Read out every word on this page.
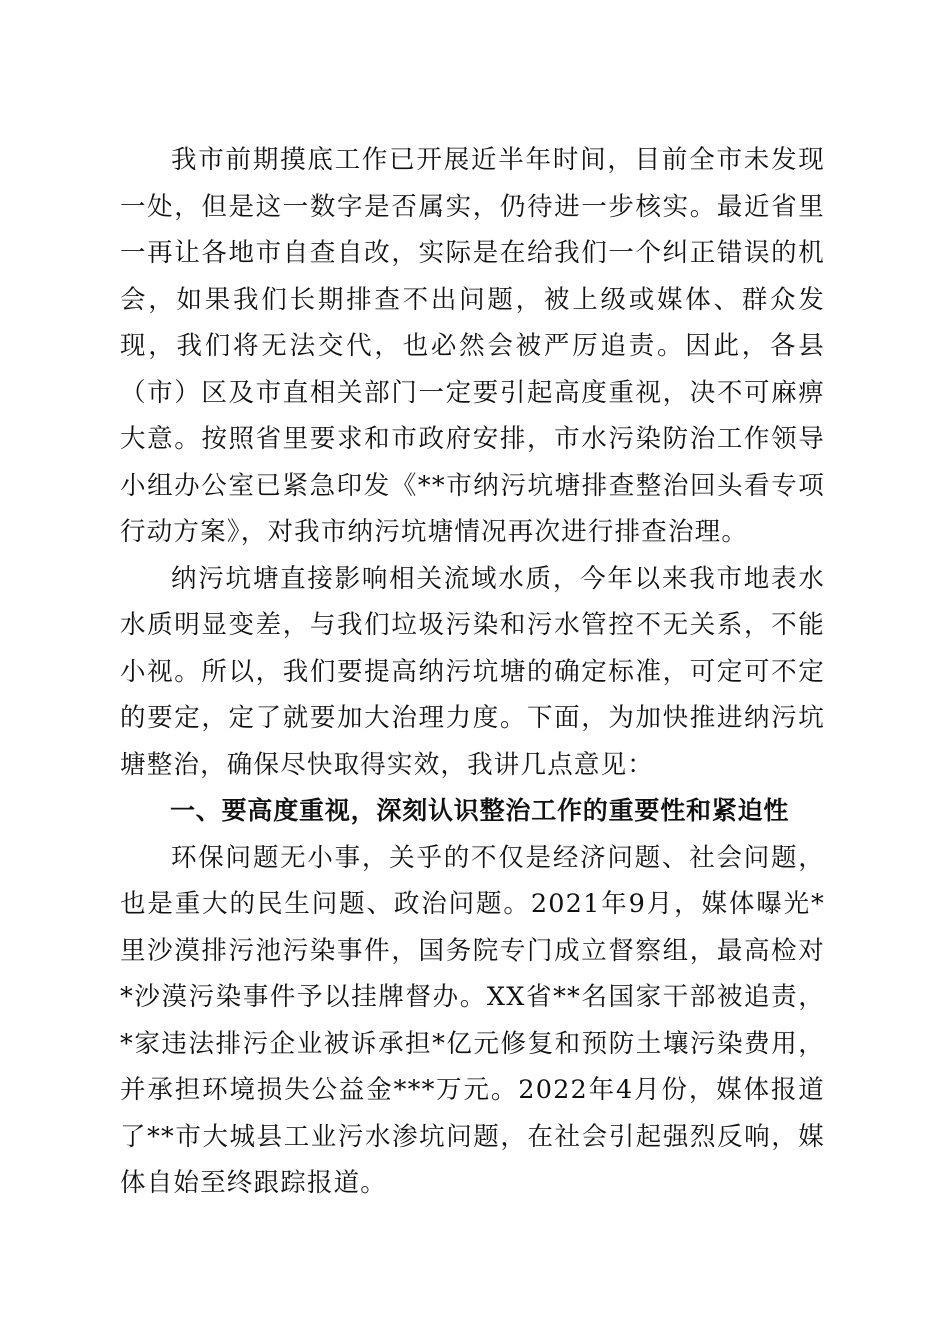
我市前期摸底工作已开展近半年时间，目前全市未发现一处，但是这一数字是否属实，仍待进一步核实。最近省里一再让各地市自查自改，实际是在给我们一个纠正错误的机会，如果我们长期排查不出问题，被上级或媒体、群众发现，我们将无法交代，也必然会被严厉追责。因此，各县（市）区及市直相关部门一定要引起高度重视，决不可麻痹大意。按照省里要求和市政府安排，市水污染防治工作领导小组办公室已紧急印发《**市纳污坑塘排查整治回头看专项行动方案》，对我市纳污坑塘情况再次进行排查治理。

纳污坑塘直接影响相关流域水质，今年以来我市地表水水质明显变差，与我们垃圾污染和污水管控不无关系，不能小视。所以，我们要提高纳污坑塘的确定标准，可定可不定的要定，定了就要加大治理力度。下面，为加快推进纳污坑塘整治，确保尽快取得实效，我讲几点意见：

一、要高度重视，深刻认识整治工作的重要性和紧迫性

环保问题无小事，关乎的不仅是经济问题、社会问题，也是重大的民生问题、政治问题。2021年9月，媒体曝光*里沙漠排污池污染事件，国务院专门成立督察组，最高检对*沙漠污染事件予以挂牌督办。XX省**名国家干部被追责，*家违法排污企业被诉承担*亿元修复和预防土壤污染费用，并承担环境损失公益金***万元。2022年4月份，媒体报道了**市大城县工业污水渗坑问题，在社会引起强烈反响，媒体自始至终跟踪报道。
